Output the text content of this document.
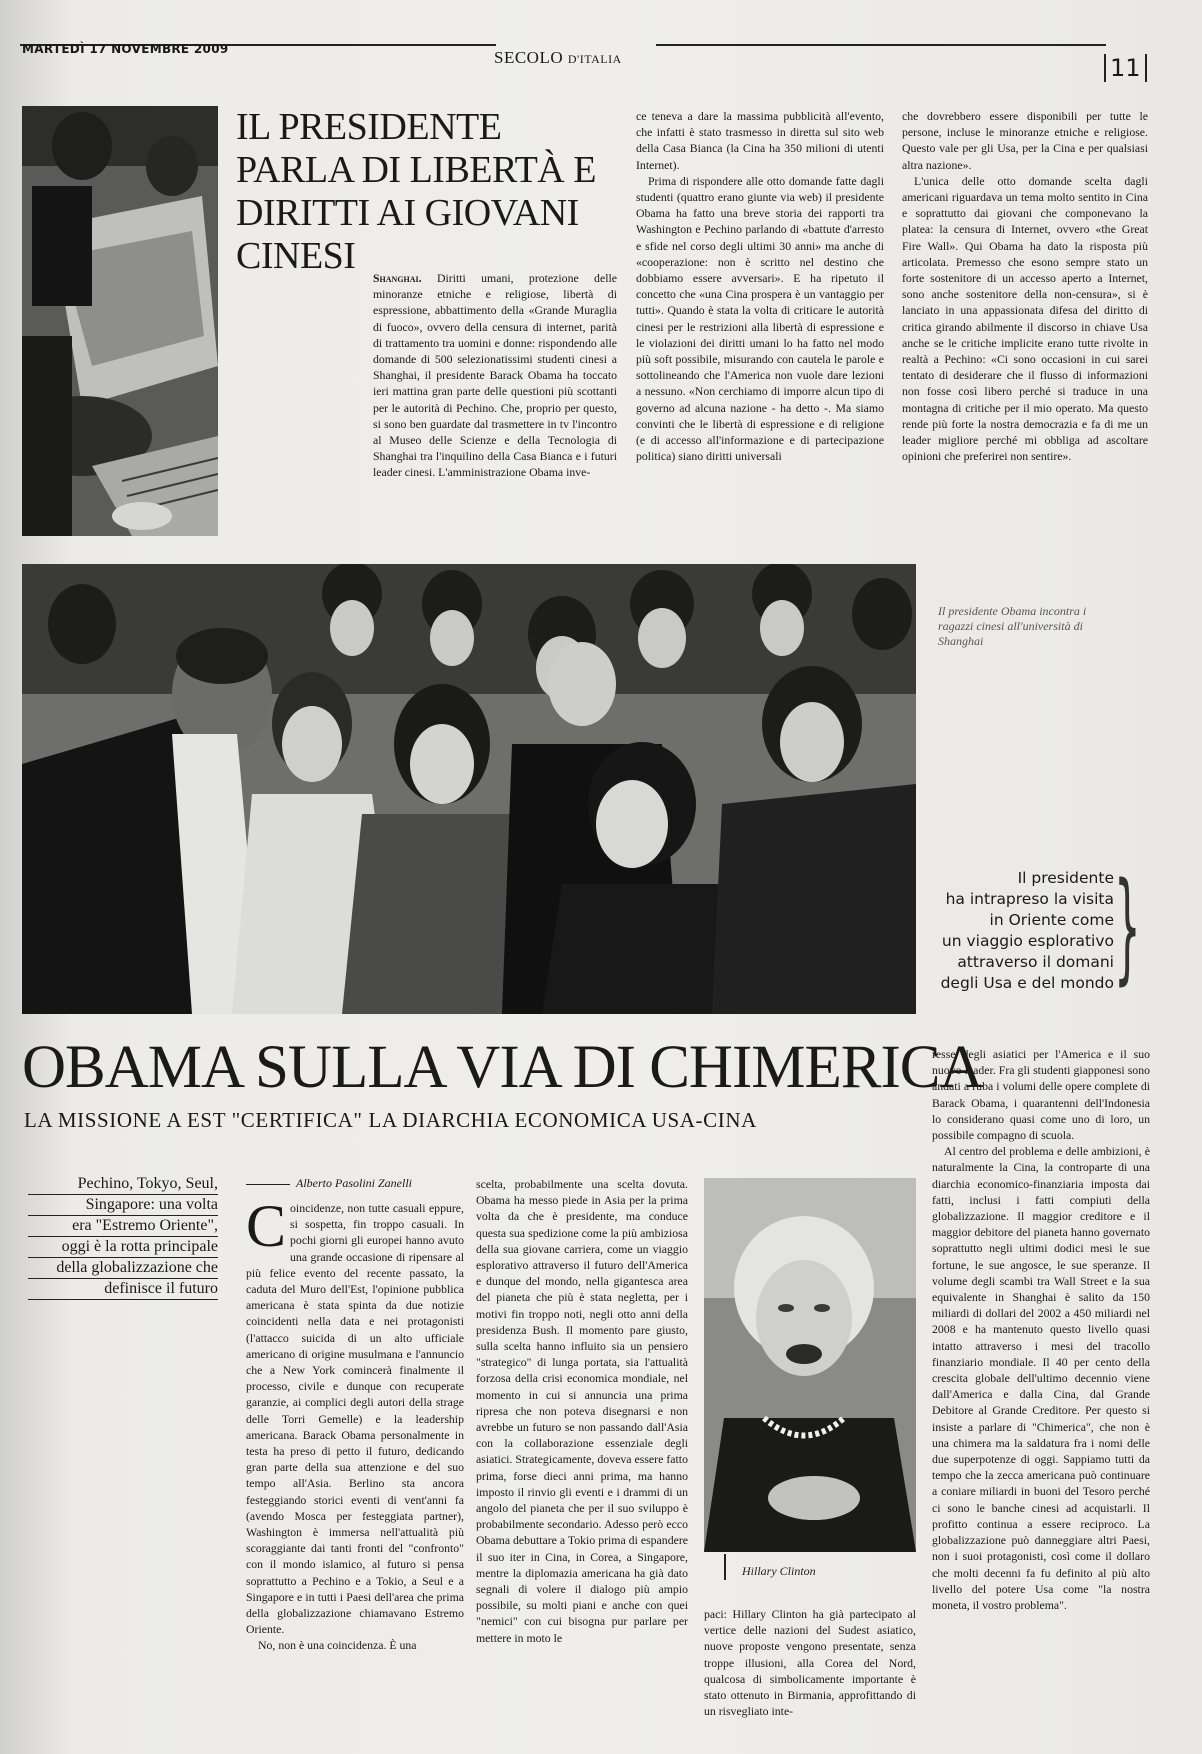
MARTEDÌ 17 NOVEMBRE 2009	SECOLO D'ITALIA	11
IL PRESIDENTE PARLA DI LIBERTÀ E DIRITTI AI GIOVANI CINESI

Shanghai. Diritti umani, protezione delle minoranze etniche e religiose, libertà di espressione, abbattimento della «Grande Muraglia di fuoco», ovvero della censura di internet, parità di trattamento tra uomini e donne: rispondendo alle domande di 500 selezionatissimi studenti cinesi a Shanghai, il presidente Barack Obama ha toccato ieri mattina gran parte delle questioni più scottanti per le autorità di Pechino. Che, proprio per questo, si sono ben guardate dal trasmettere in tv l'incontro al Museo delle Scienze e della Tecnologia di Shanghai tra l'inquilino della Casa Bianca e i futuri leader cinesi. L'amministrazione Obama inve-

ce teneva a dare la massima pubblicità all'evento, che infatti è stato trasmesso in diretta sul sito web della Casa Bianca (la Cina ha 350 milioni di utenti Internet).

Prima di rispondere alle otto domande fatte dagli studenti (quattro erano giunte via web) il presidente Obama ha fatto una breve storia dei rapporti tra Washington e Pechino parlando di «battute d'arresto e sfide nel corso degli ultimi 30 anni» ma anche di «cooperazione: non è scritto nel destino che dobbiamo essere avversari». E ha ripetuto il concetto che «una Cina prospera è un vantaggio per tutti». Quando è stata la volta di criticare le autorità cinesi per le restrizioni alla libertà di espressione e le violazioni dei diritti umani lo ha fatto nel modo più soft possibile, misurando con cautela le parole e sottolineando che l'America non vuole dare lezioni a nessuno. «Non cerchiamo di imporre alcun tipo di governo ad alcuna nazione - ha detto -. Ma siamo convinti che le libertà di espressione e di religione (e di accesso all'informazione e di partecipazione politica) siano diritti universali

che dovrebbero essere disponibili per tutte le persone, incluse le minoranze etniche e religiose. Questo vale per gli Usa, per la Cina e per qualsiasi altra nazione».

L'unica delle otto domande scelta dagli americani riguardava un tema molto sentito in Cina e soprattutto dai giovani che componevano la platea: la censura di Internet, ovvero «the Great Fire Wall». Qui Obama ha dato la risposta più articolata. Premesso che esono sempre stato un forte sostenitore di un accesso aperto a Internet, sono anche sostenitore della non-censura», si è lanciato in una appassionata difesa del diritto di critica girando abilmente il discorso in chiave Usa anche se le critiche implicite erano tutte rivolte in realtà a Pechino: «Ci sono occasioni in cui sarei tentato di desiderare che il flusso di informazioni non fosse così libero perché si traduce in una montagna di critiche per il mio operato. Ma questo rende più forte la nostra democrazia e fa di me un leader migliore perché mi obbliga ad ascoltare opinioni che preferirei non sentire».

Il presidente Obama incontra i ragazzi cinesi all'università di Shanghai
Il presidente
ha intrapreso la visita
in Oriente come
un viaggio esplorativo
attraverso il domani
degli Usa e del mondo }
OBAMA SULLA VIA DI CHIMERICA
LA MISSIONE A EST "CERTIFICA" LA DIARCHIA ECONOMICA USA-CINA
Pechino, Tokyo, Seul,
Singapore: una volta
era "Estremo Oriente",
oggi è la rotta principale
della globalizzazione che
definisce il futuro
Alberto Pasolini Zanelli

Coincidenze, non tutte casuali eppure, si sospetta, fin troppo casuali. In pochi giorni gli europei hanno avuto una grande occasione di ripensare al più felice evento del recente passato, la caduta del Muro dell'Est, l'opinione pubblica americana è stata spinta da due notizie coincidenti nella data e nei protagonisti (l'attacco suicida di un alto ufficiale americano di origine musulmana e l'annuncio che a New York comincerà finalmente il processo, civile e dunque con recuperate garanzie, ai complici degli autori della strage delle Torri Gemelle) e la leadership americana. Barack Obama personalmente in testa ha preso di petto il futuro, dedicando gran parte della sua attenzione e del suo tempo all'Asia. Berlino sta ancora festeggiando storici eventi di vent'anni fa (avendo Mosca per festeggiata partner), Washington è immersa nell'attualità più scoraggiante dai tanti fronti del "confronto" con il mondo islamico, al futuro si pensa soprattutto a Pechino e a Tokio, a Seul e a Singapore e in tutti i Paesi dell'area che prima della globalizzazione chiamavano Estremo Oriente.

No, non è una coincidenza. È una

scelta, probabilmente una scelta dovuta. Obama ha messo piede in Asia per la prima volta da che è presidente, ma conduce questa sua spedizione come la più ambiziosa della sua giovane carriera, come un viaggio esplorativo attraverso il futuro dell'America e dunque del mondo, nella gigantesca area del pianeta che più è stata negletta, per i motivi fin troppo noti, negli otto anni della presidenza Bush. Il momento pare giusto, sulla scelta hanno influito sia un pensiero "strategico" di lunga portata, sia l'attualità forzosa della crisi economica mondiale, nel momento in cui si annuncia una prima ripresa che non poteva disegnarsi e non avrebbe un futuro se non passando dall'Asia con la collaborazione essenziale degli asiatici. Strategicamente, doveva essere fatto prima, forse dieci anni prima, ma hanno imposto il rinvio gli eventi e i drammi di un angolo del pianeta che per il suo sviluppo è probabilmente secondario. Adesso però ecco Obama debuttare a Tokio prima di espandere il suo iter in Cina, in Corea, a Singapore, mentre la diplomazia americana ha già dato segnali di volere il dialogo più ampio possibile, su molti piani e anche con quei "nemici" con cui bisogna pur parlare per mettere in moto le

Hillary Clinton

paci: Hillary Clinton ha già partecipato al vertice delle nazioni del Sudest asiatico, nuove proposte vengono presentate, senza troppe illusioni, alla Corea del Nord, qualcosa di simbolicamente importante è stato ottenuto in Birmania, approfittando di un risvegliato inte-

resse degli asiatici per l'America e il suo nuovo leader. Fra gli studenti giapponesi sono andati a ruba i volumi delle opere complete di Barack Obama, i quarantenni dell'Indonesia lo considerano quasi come uno di loro, un possibile compagno di scuola.

Al centro del problema e delle ambizioni, è naturalmente la Cina, la controparte di una diarchia economico-finanziaria imposta dai fatti, inclusi i fatti compiuti della globalizzazione. Il maggior creditore e il maggior debitore del pianeta hanno governato soprattutto negli ultimi dodici mesi le sue fortune, le sue angosce, le sue speranze. Il volume degli scambi tra Wall Street e la sua equivalente in Shanghai è salito da 150 miliardi di dollari del 2002 a 450 miliardi nel 2008 e ha mantenuto questo livello quasi intatto attraverso i mesi del tracollo finanziario mondiale. Il 40 per cento della crescita globale dell'ultimo decennio viene dall'America e dalla Cina, dal Grande Debitore al Grande Creditore. Per questo si insiste a parlare di "Chimerica", che non è una chimera ma la saldatura fra i nomi delle due superpotenze di oggi. Sappiamo tutti da tempo che la zecca americana può continuare a coniare miliardi in buoni del Tesoro perché ci sono le banche cinesi ad acquistarli. Il profitto continua a essere reciproco. La globalizzazione può danneggiare altri Paesi, non i suoi protagonisti, così come il dollaro che molti decenni fa fu definito al più alto livello del potere Usa come "la nostra moneta, il vostro problema".
